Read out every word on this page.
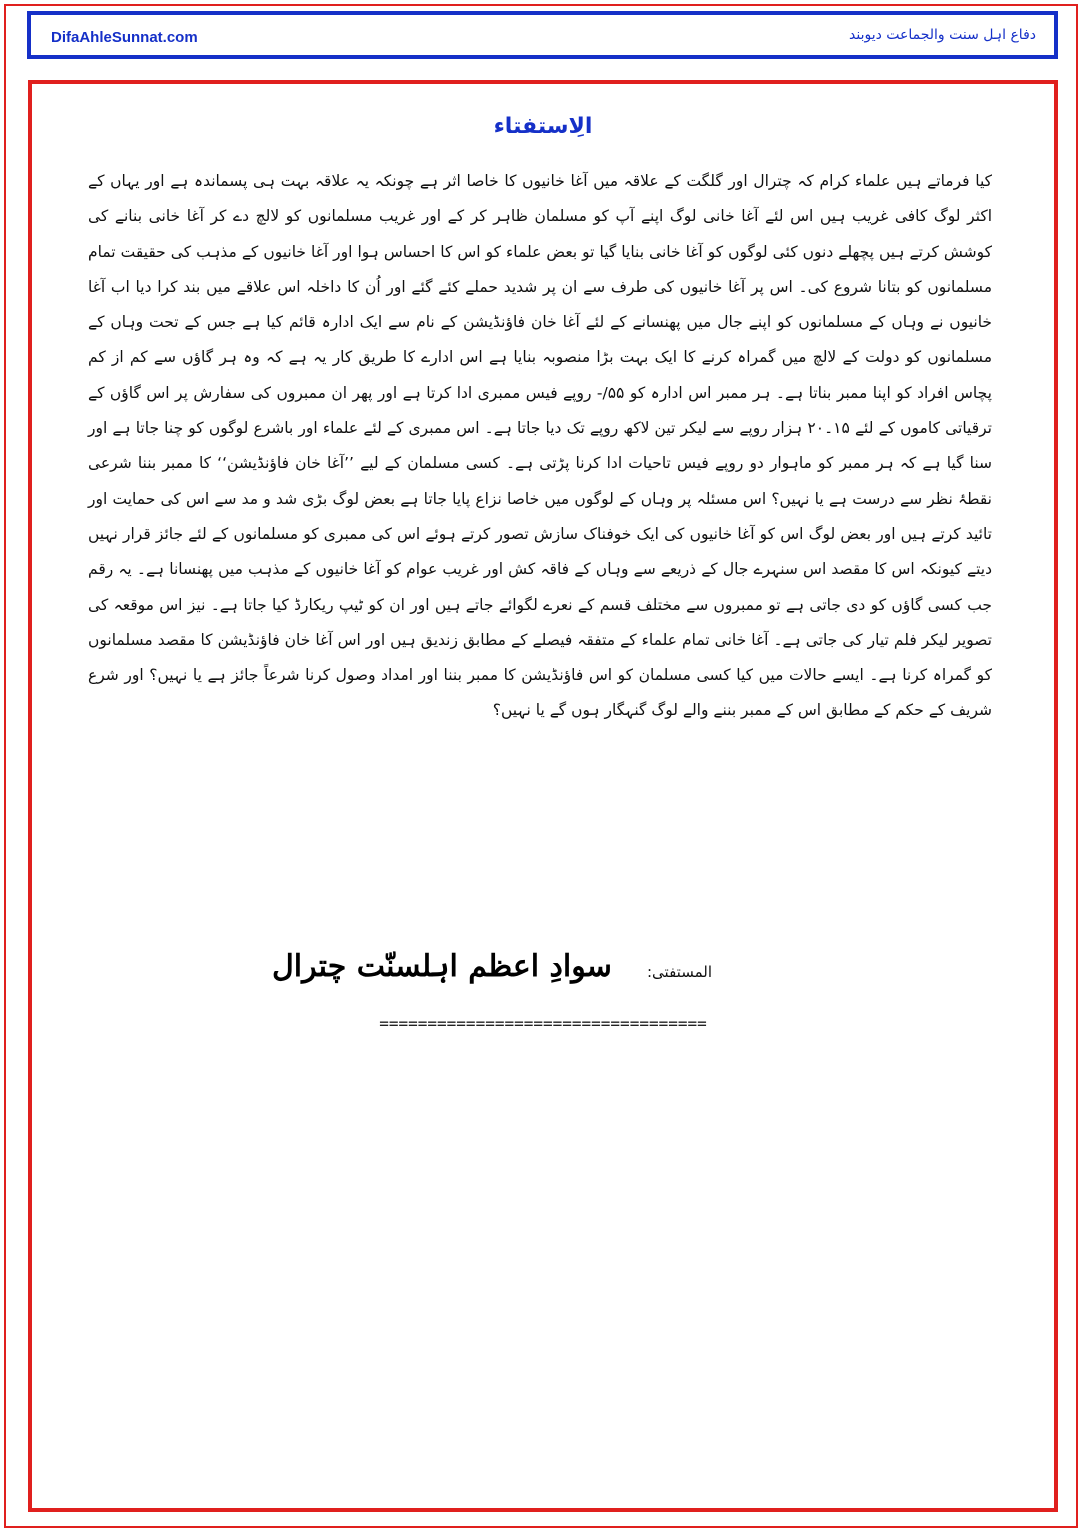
DifaAhleSunnat.com	دفاع اہل سنت والجماعت دیوبند
الِاستفتاء

کیا فرماتے ہیں علماء کرام کہ چترال اور گلگت کے علاقہ میں آغا خانیوں کا خاصا اثر ہے چونکہ یہ علاقہ بہت ہی پسماندہ ہے اور یہاں کے اکثر لوگ کافی غریب ہیں اس لئے آغا خانی لوگ اپنے آپ کو مسلمان ظاہر کر کے اور غریب مسلمانوں کو لالچ دے کر آغا خانی بنانے کی کوشش کرتے ہیں پچھلے دنوں کئی لوگوں کو آغا خانی بنایا گیا تو بعض علماء کو اس کا احساس ہوا اور آغا خانیوں کے مذہب کی حقیقت تمام مسلمانوں کو بتانا شروع کی۔ اس پر آغا خانیوں کی طرف سے ان پر شدید حملے کئے گئے اور اُن کا داخلہ اس علاقے میں بند کرا دیا اب آغا خانیوں نے وہاں کے مسلمانوں کو اپنے جال میں پھنسانے کے لئے آغا خان فاؤنڈیشن کے نام سے ایک ادارہ قائم کیا ہے جس کے تحت وہاں کے مسلمانوں کو دولت کے لالچ میں گمراہ کرنے کا ایک بہت بڑا منصوبہ بنایا ہے اس ادارے کا طریق کار یہ ہے کہ وہ ہر گاؤں سے کم از کم پچاس افراد کو اپنا ممبر بناتا ہے۔ ہر ممبر اس ادارہ کو ۵۵/- روپے فیس ممبری ادا کرتا ہے اور پھر ان ممبروں کی سفارش پر اس گاؤں کے ترقیاتی کاموں کے لئے ۱۵۔۲۰ ہزار روپے سے لیکر تین لاکھ روپے تک دیا جاتا ہے۔ اس ممبری کے لئے علماء اور باشرع لوگوں کو چنا جاتا ہے اور سنا گیا ہے کہ ہر ممبر کو ماہوار دو روپے فیس تاحیات ادا کرنا پڑتی ہے۔ کسی مسلمان کے لیے ’’آغا خان فاؤنڈیشن‘‘ کا ممبر بننا شرعی نقطۂ نظر سے درست ہے یا نہیں؟ اس مسئلہ پر وہاں کے لوگوں میں خاصا نزاع پایا جاتا ہے بعض لوگ بڑی شد و مد سے اس کی حمایت اور تائید کرتے ہیں اور بعض لوگ اس کو آغا خانیوں کی ایک خوفناک سازش تصور کرتے ہوئے اس کی ممبری کو مسلمانوں کے لئے جائز قرار نہیں دیتے کیونکہ اس کا مقصد اس سنہرے جال کے ذریعے سے وہاں کے فاقہ کش اور غریب عوام کو آغا خانیوں کے مذہب میں پھنسانا ہے۔ یہ رقم جب کسی گاؤں کو دی جاتی ہے تو ممبروں سے مختلف قسم کے نعرے لگوائے جاتے ہیں اور ان کو ٹیپ ریکارڈ کیا جاتا ہے۔ نیز اس موقعہ کی تصویر لیکر فلم تیار کی جاتی ہے۔ آغا خانی تمام علماء کے متفقہ فیصلے کے مطابق زندیق ہیں اور اس آغا خان فاؤنڈیشن کا مقصد مسلمانوں کو گمراہ کرنا ہے۔ ایسے حالات میں کیا کسی مسلمان کو اس فاؤنڈیشن کا ممبر بننا اور امداد وصول کرنا شرعاً جائز ہے یا نہیں؟ اور شرع شریف کے حکم کے مطابق اس کے ممبر بننے والے لوگ گنہگار ہوں گے یا نہیں؟

المستفتی:
سوادِ اعظم اہلسنّت چترال
==================================
